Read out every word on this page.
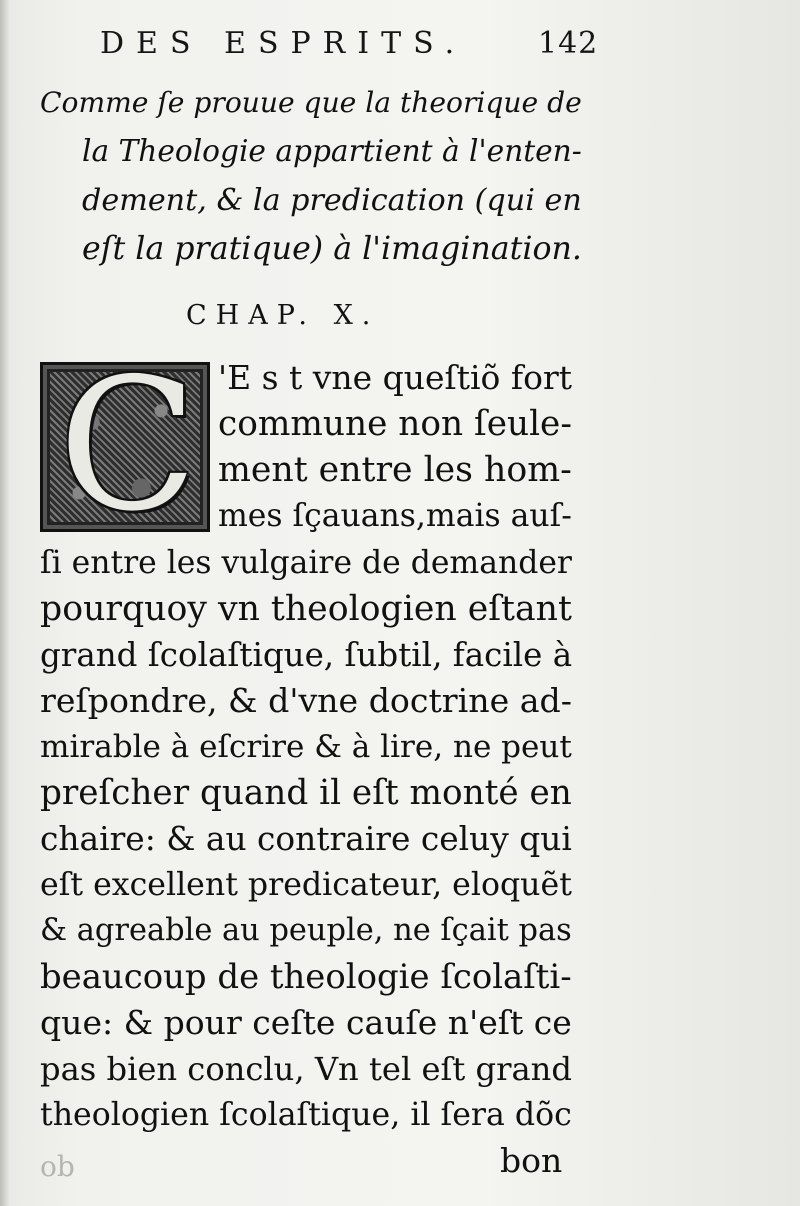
DES ESPRITS. 142
Comme ſe prouue que la theorique de
la Theologie appartient à l'enten-
dement, & la predication (qui en
eſt la pratique) à l'imagination.
CHAP. X.
C 'E s t vne queſtiõ fort
commune non ſeule-
ment entre les hom-
mes ſçauans,mais auſ-
ſi entre les vulgaire de demander
pourquoy vn theologien eſtant
grand ſcolaſtique, ſubtil, facile à
reſpondre, & d'vne doctrine ad-
mirable à eſcrire & à lire, ne peut
preſcher quand il eſt monté en
chaire: & au contraire celuy qui
eſt excellent predicateur, eloquẽt
& agreable au peuple, ne ſçait pas
beaucoup de theologie ſcolaſti-
que: & pour ceſte cauſe n'eſt ce
pas bien conclu, Vn tel eſt grand
theologien ſcolaſtique, il ſera dõc
bon
ob
